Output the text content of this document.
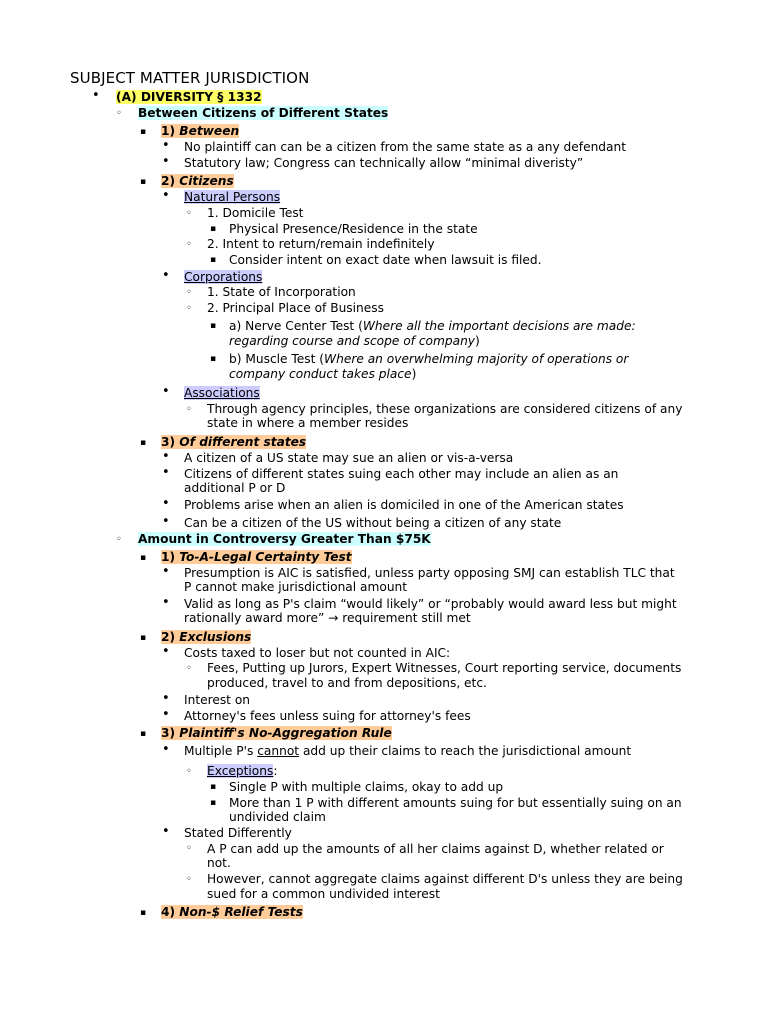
SUBJECT MATTER JURISDICTION
• (A) DIVERSITY § 1332
◦ Between Citizens of Different States
▪ 1) Between
• No plaintiff can can be a citizen from the same state as a any defendant
• Statutory law; Congress can technically allow “minimal diveristy”
▪ 2) Citizens
• Natural Persons
◦ 1. Domicile Test
▪ Physical Presence/Residence in the state
◦ 2. Intent to return/remain indefinitely
▪ Consider intent on exact date when lawsuit is filed.
• Corporations
◦ 1. State of Incorporation
◦ 2. Principal Place of Business
▪ a) Nerve Center Test (Where all the important decisions are made:
regarding course and scope of company)
▪ b) Muscle Test (Where an overwhelming majority of operations or
company conduct takes place)
• Associations
◦ Through agency principles, these organizations are considered citizens of any
state in where a member resides
▪ 3) Of different states
• A citizen of a US state may sue an alien or vis-a-versa
• Citizens of different states suing each other may include an alien as an
additional P or D
• Problems arise when an alien is domiciled in one of the American states
• Can be a citizen of the US without being a citizen of any state
◦ Amount in Controversy Greater Than $75K
▪ 1) To-A-Legal Certainty Test
• Presumption is AIC is satisfied, unless party opposing SMJ can establish TLC that
P cannot make jurisdictional amount
• Valid as long as P's claim “would likely” or “probably would award less but might
rationally award more” → requirement still met
▪ 2) Exclusions
• Costs taxed to loser but not counted in AIC:
◦ Fees, Putting up Jurors, Expert Witnesses, Court reporting service, documents
produced, travel to and from depositions, etc.
• Interest on
• Attorney's fees unless suing for attorney's fees
▪ 3) Plaintiff's No-Aggregation Rule
• Multiple P's cannot add up their claims to reach the jurisdictional amount
◦ Exceptions:
▪ Single P with multiple claims, okay to add up
▪ More than 1 P with different amounts suing for but essentially suing on an
undivided claim
• Stated Differently
◦ A P can add up the amounts of all her claims against D, whether related or
not.
◦ However, cannot aggregate claims against different D's unless they are being
sued for a common undivided interest
▪ 4) Non-$ Relief Tests
